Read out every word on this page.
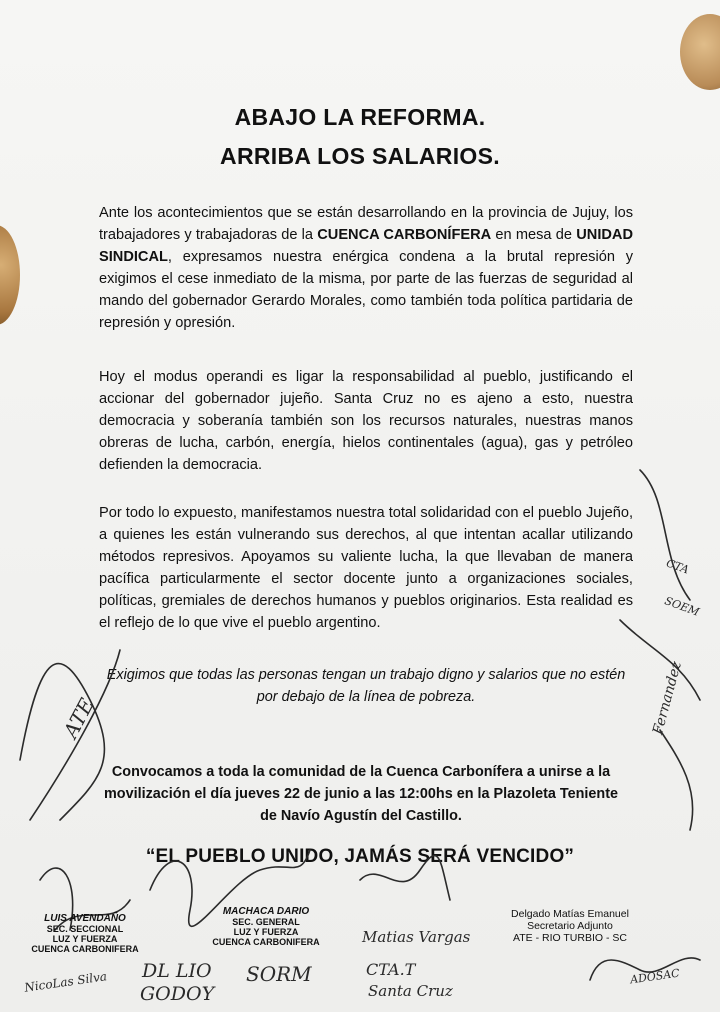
ABAJO LA REFORMA.
ARRIBA LOS SALARIOS.
Ante los acontecimientos que se están desarrollando en la provincia de Jujuy, los trabajadores y trabajadoras de la CUENCA CARBONÍFERA en mesa de UNIDAD SINDICAL, expresamos nuestra enérgica condena a la brutal represión y exigimos el cese inmediato de la misma, por parte de las fuerzas de seguridad al mando del gobernador Gerardo Morales, como también toda política partidaria de represión y opresión.
Hoy el modus operandi es ligar la responsabilidad al pueblo, justificando el accionar del gobernador jujeño. Santa Cruz no es ajeno a esto, nuestra democracia y soberanía también son los recursos naturales, nuestras manos obreras de lucha, carbón, energía, hielos continentales (agua), gas y petróleo defienden la democracia.
Por todo lo expuesto, manifestamos nuestra total solidaridad con el pueblo Jujeño, a quienes les están vulnerando sus derechos, al que intentan acallar utilizando métodos represivos. Apoyamos su valiente lucha, la que llevaban de manera pacífica particularmente el sector docente junto a organizaciones sociales, políticas, gremiales de derechos humanos y pueblos originarios. Esta realidad es el reflejo de lo que vive el pueblo argentino.
Exigimos que todas las personas tengan un trabajo digno y salarios que no estén
por debajo de la línea de pobreza.
Convocamos a toda la comunidad de la Cuenca Carbonífera a unirse a la
movilización el día jueves 22 de junio a las 12:00hs en la Plazoleta Teniente
de Navío Agustín del Castillo.
“EL PUEBLO UNIDO, JAMÁS SERÁ VENCIDO”
ATE
LUIS AVENDAÑO
SEC. SECCIONAL
LUZ Y FUERZA
CUENCA CARBONIFERA
MACHACA DARIO
SEC. GENERAL
LUZ Y FUERZA
CUENCA CARBONIFERA
Delgado Matías Emanuel
Secretario Adjunto
ATE - RIO TURBIO - SC
Matias Vargas
CTA.T
Santa Cruz
DL LIO
GODOY
SORM
NicoLas Silva
CTA
SOEM
Fernandez
ADOSAC
